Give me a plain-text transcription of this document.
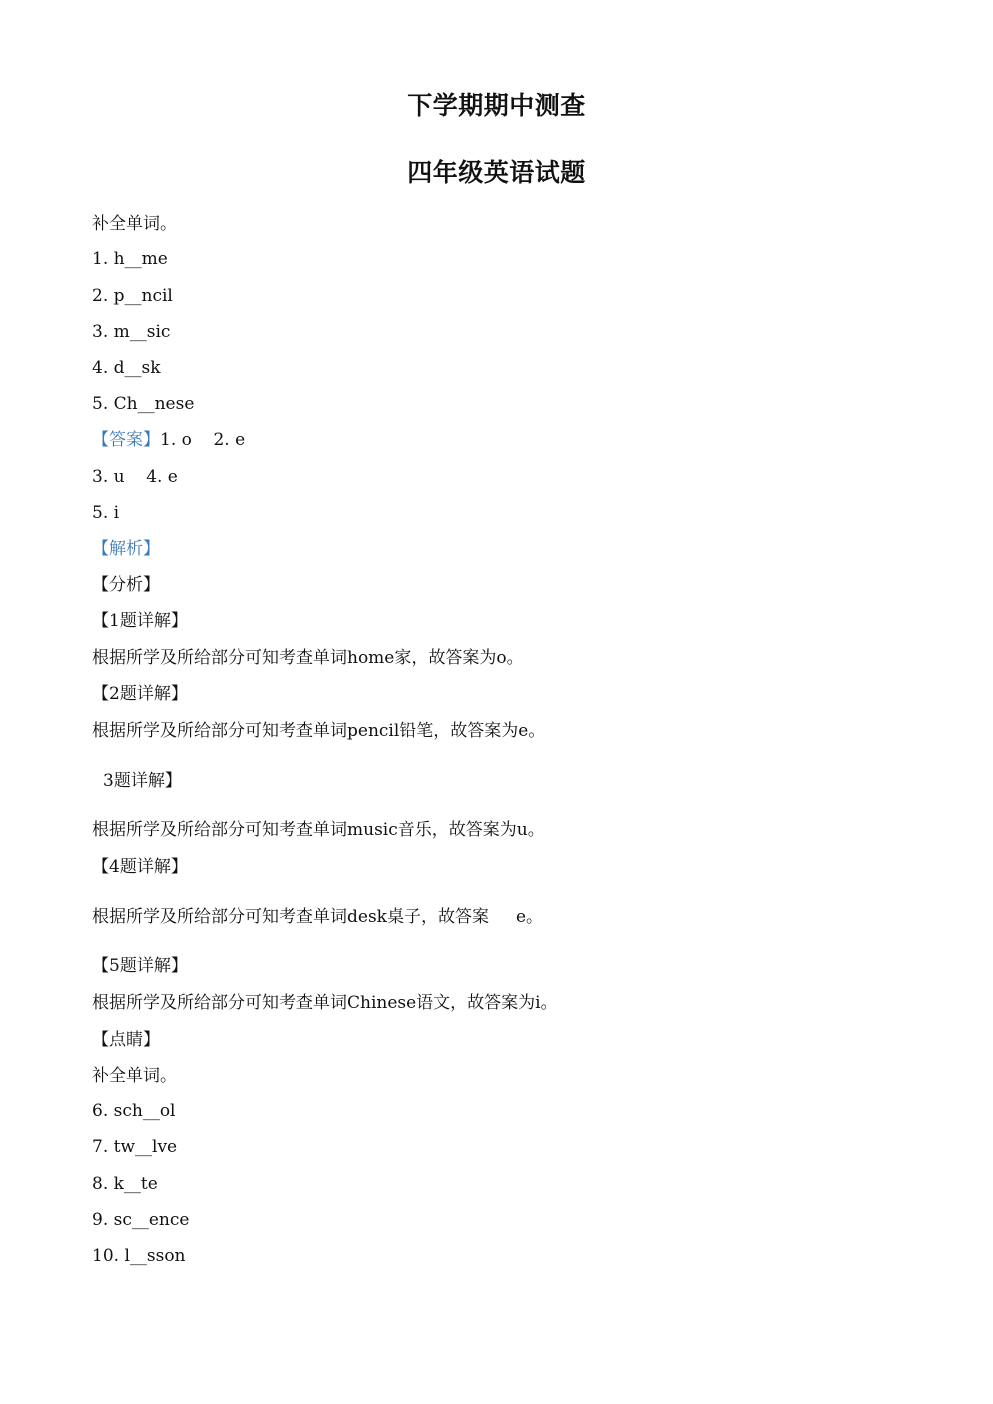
下学期期中测查
四年级英语试题
补全单词。
1. h__me
2. p__ncil
3. m__sic
4. d__sk
5. Ch__nese
【答案】1. o    2. e
3. u    4. e
5. i
【解析】
【分析】
【1题详解】
根据所学及所给部分可知考查单词home家，故答案为o。
【2题详解】
根据所学及所给部分可知考查单词pencil铅笔，故答案为e。
3题详解】
根据所学及所给部分可知考查单词music音乐，故答案为u。
【4题详解】
根据所学及所给部分可知考查单词desk桌子，故答案     e。
【5题详解】
根据所学及所给部分可知考查单词Chinese语文，故答案为i。
【点睛】
补全单词。
6. sch__ol
7. tw__lve
8. k__te
9. sc__ence
10. l__sson
